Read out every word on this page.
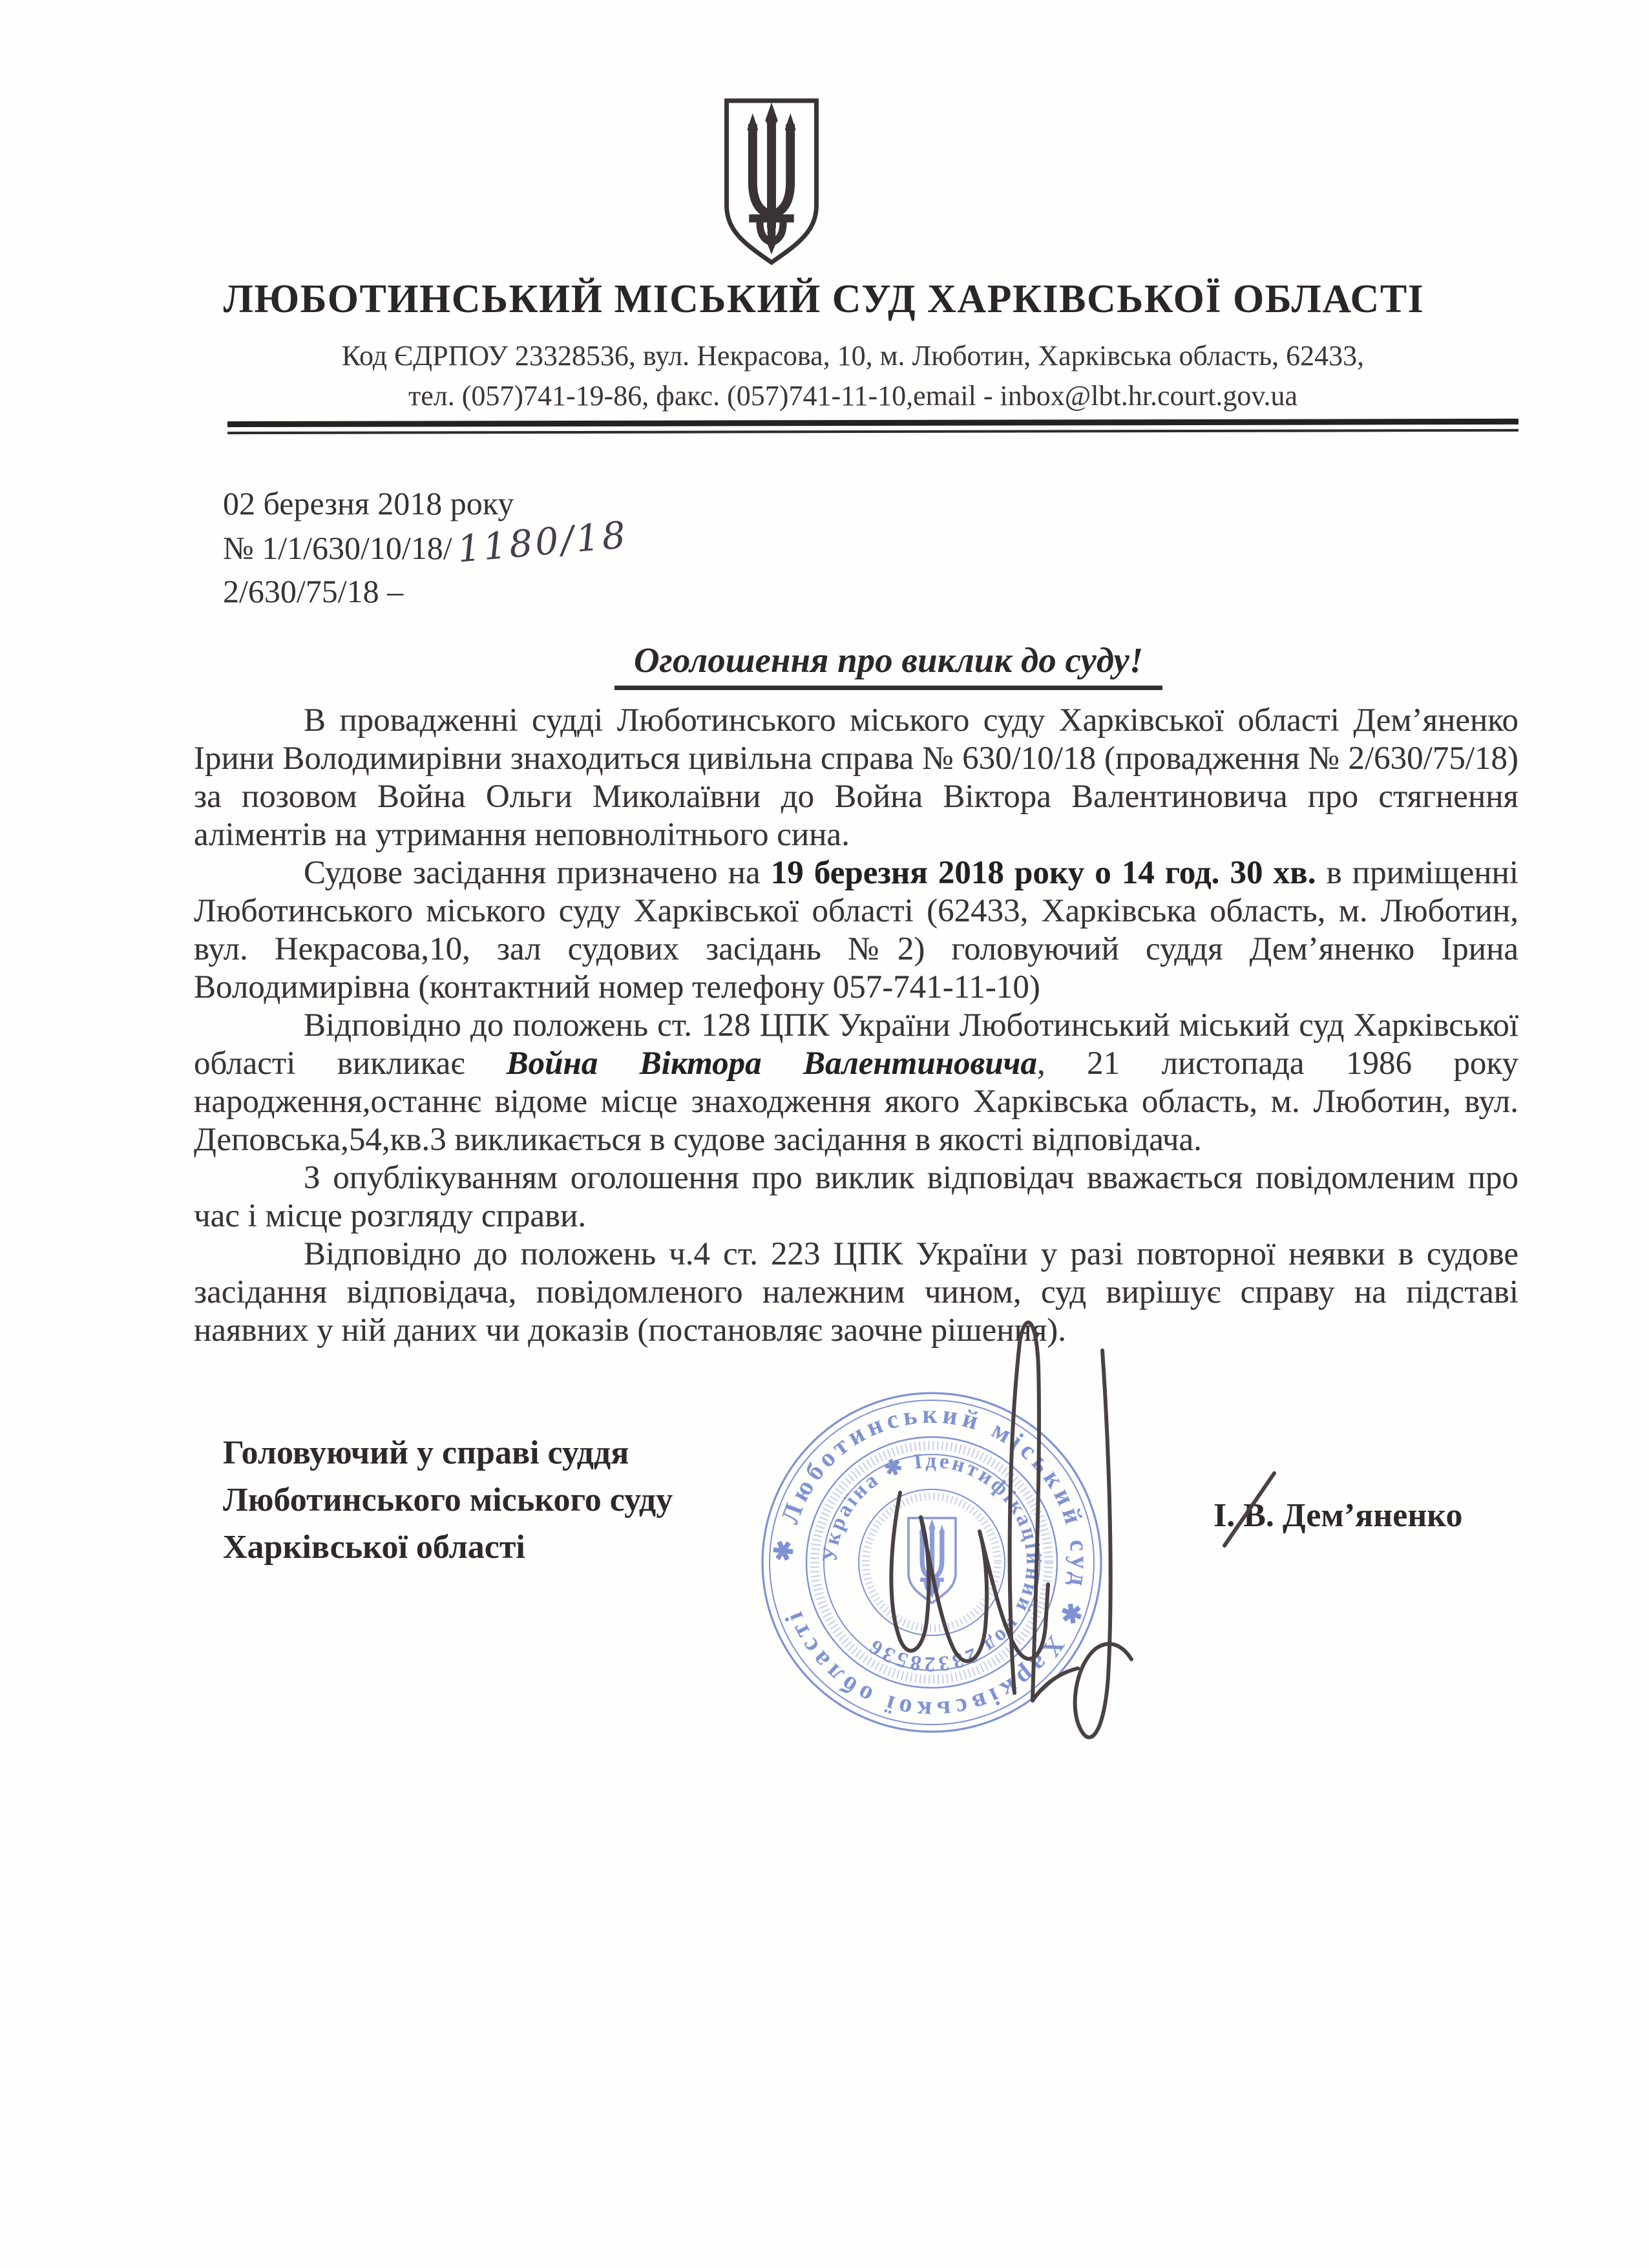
ЛЮБОТИНСЬКИЙ МІСЬКИЙ СУД ХАРКІВСЬКОЇ ОБЛАСТІ
Код ЄДРПОУ 23328536, вул. Некрасова, 10, м. Люботин, Харківська область, 62433,
тел. (057)741-19-86, факс. (057)741-11-10,email - inbox@lbt.hr.court.gov.ua
02 березня 2018 року
№ 1/1/630/10/18/1180/18
2/630/75/18 –
Оголошення про виклик до суду!

В провадженні судді Люботинського міського суду Харківської області Дем’яненко Ірини Володимирівни знаходиться цивільна справа № 630/10/18 (провадження № 2/630/75/18) за позовом Война Ольги Миколаївни до Война Віктора Валентиновича про стягнення аліментів на утримання неповнолітнього сина.

Судове засідання призначено на 19 березня 2018 року о 14 год. 30 хв. в приміщенні Люботинського міського суду Харківської області (62433, Харківська область, м. Люботин, вул. Некрасова,10, зал судових засідань №2) головуючий суддя Дем’яненко Ірина Володимирівна (контактний номер телефону 057-741-11-10)

Відповідно до положень ст. 128 ЦПК України Люботинський міський суд Харківської області викликає Война Віктора Валентиновича, 21 листопада 1986 року народження,останнє відоме місце знаходження якого Харківська область, м. Люботин, вул. Деповська,54,кв.3 викликається в судове засідання в якості відповідача.

З опублікуванням оголошення про виклик відповідач вважається повідомленим про час і місце розгляду справи.

Відповідно до положень ч.4 ст. 223 ЦПК України у разі повторної неявки в судове засідання відповідача, повідомленого належним чином, суд вирішує справу на підставі наявних у ній даних чи доказів (постановляє заочне рішення).

Головуючий у справі суддя
Люботинського міського суду
Харківської області
І. В. Дем’яненко
✱ Люботинський міський суд ✱ Харківської області
Україна ✱ Ідентифікаційний код 23328536
